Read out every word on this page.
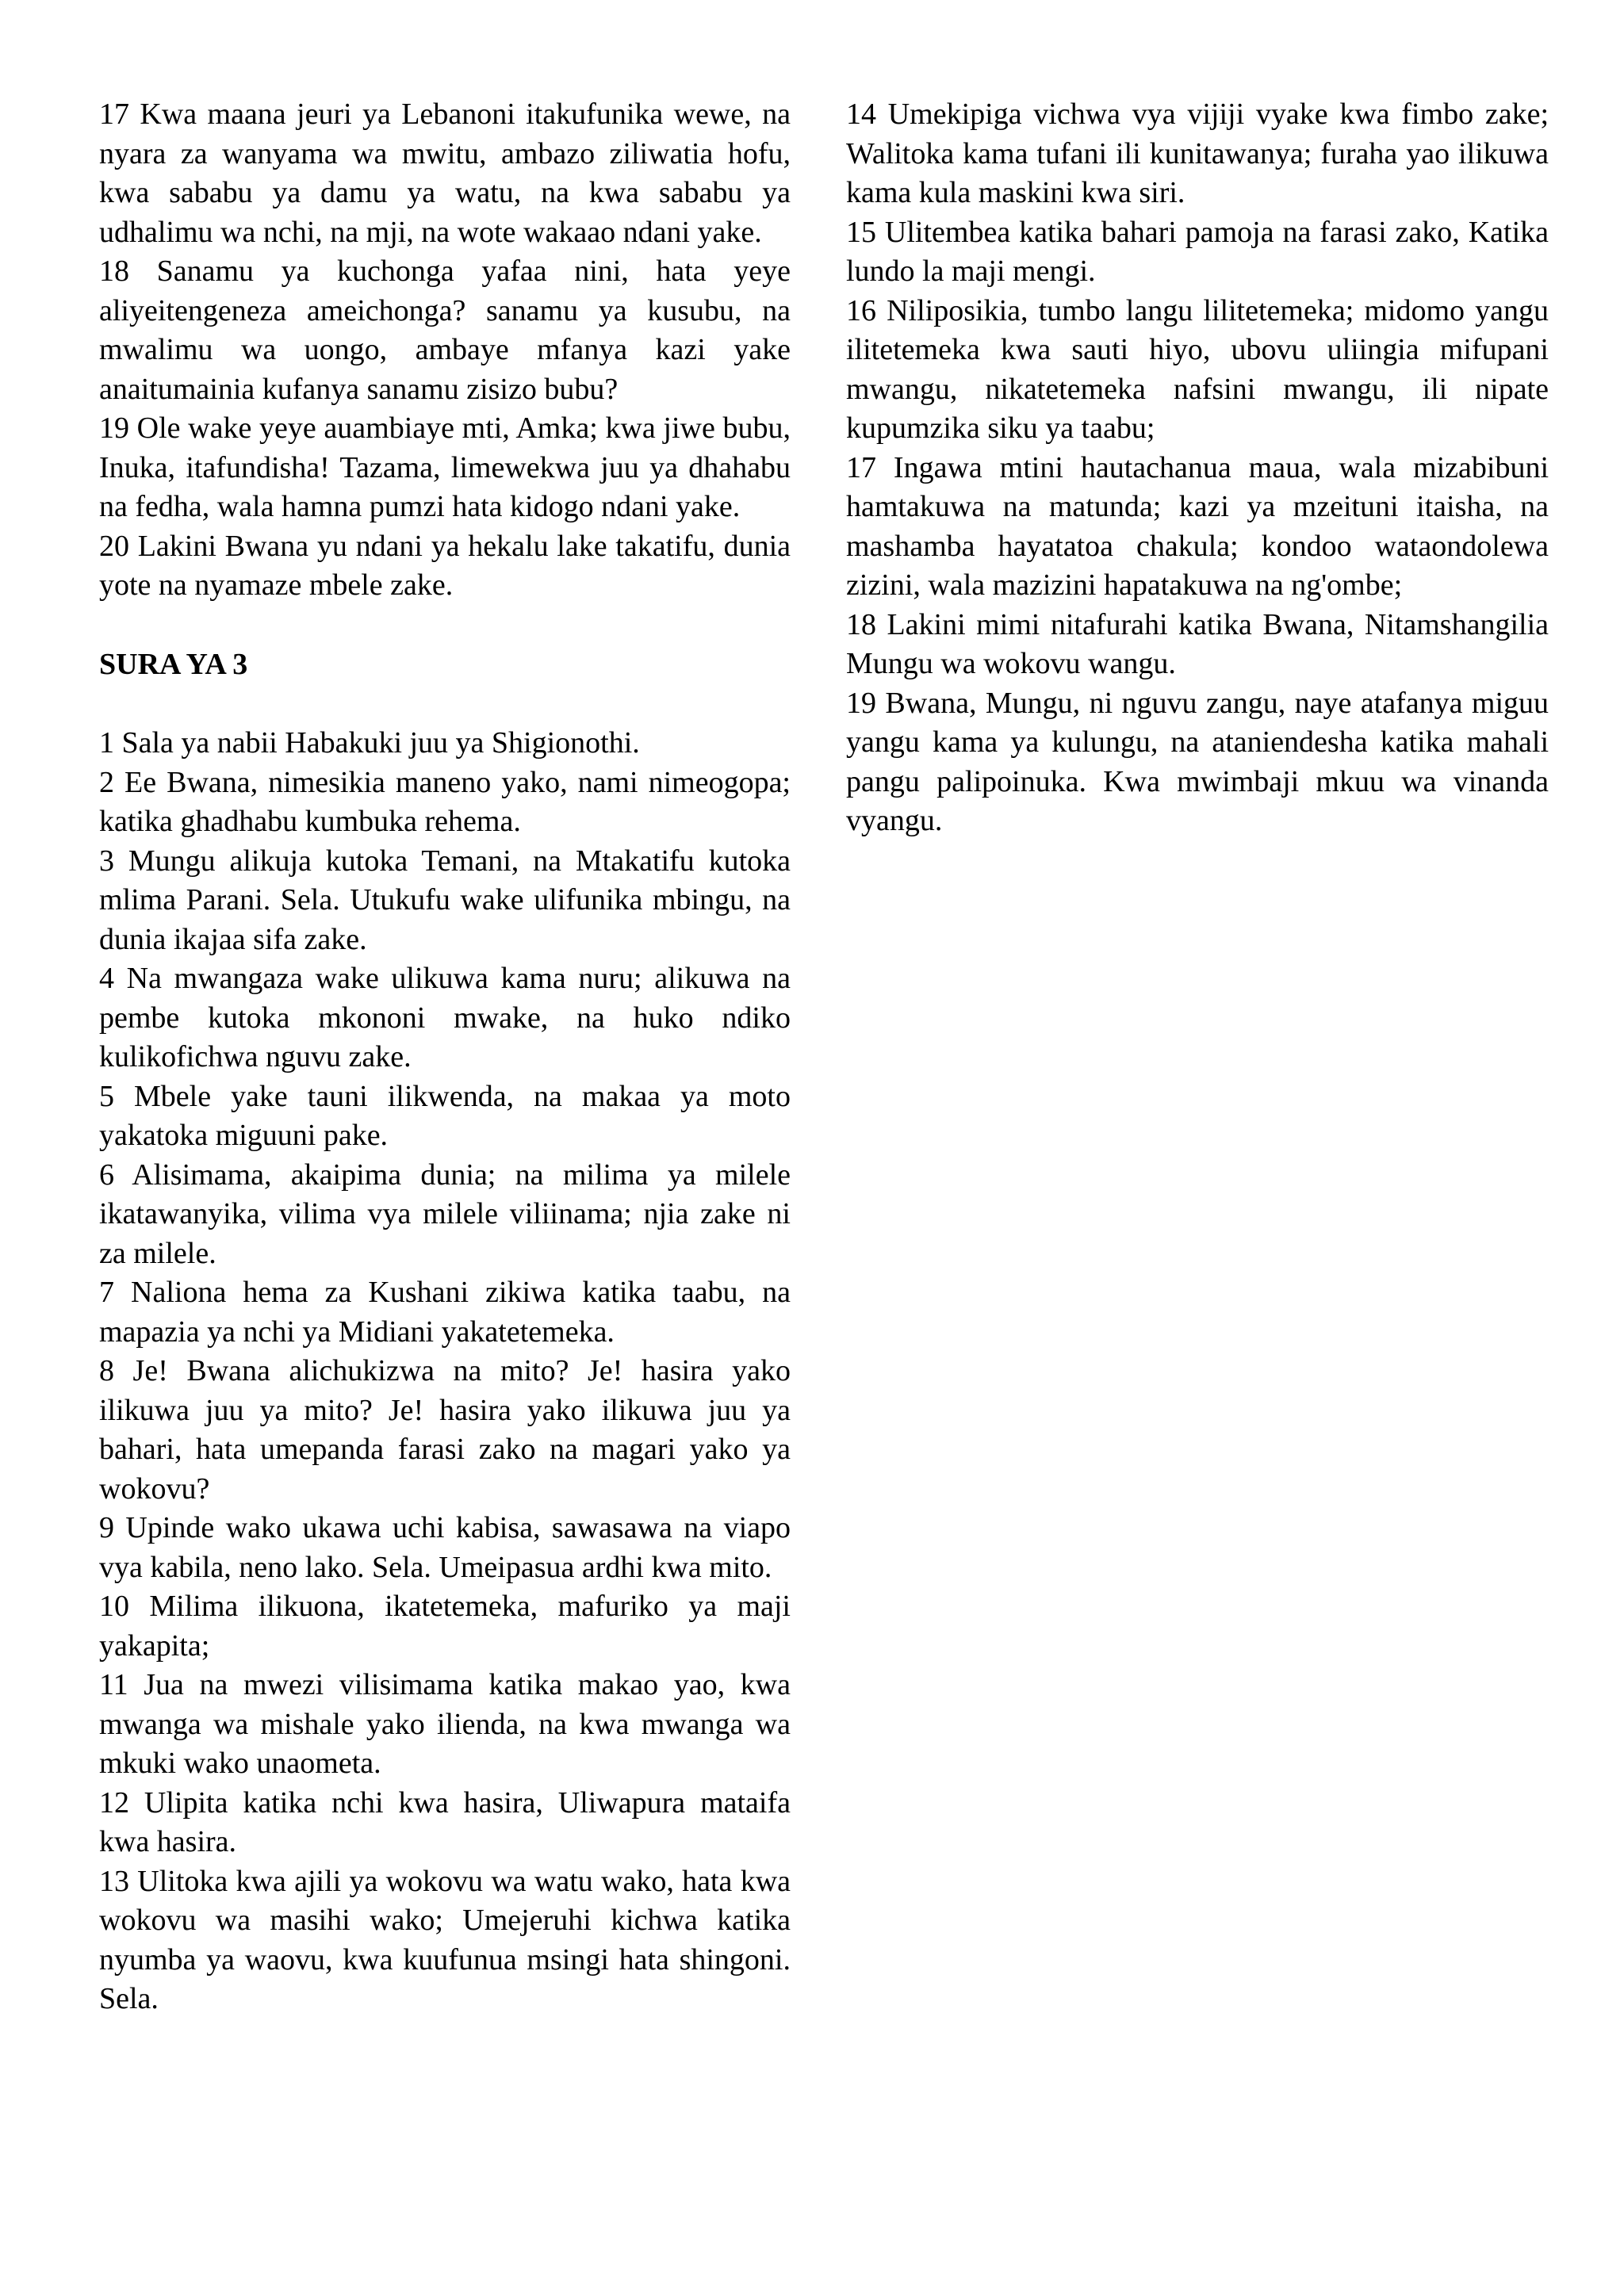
17 Kwa maana jeuri ya Lebanoni itakufunika wewe, na nyara za wanyama wa mwitu, ambazo ziliwatia hofu, kwa sababu ya damu ya watu, na kwa sababu ya udhalimu wa nchi, na mji, na wote wakaao ndani yake.

18 Sanamu ya kuchonga yafaa nini, hata yeye aliyeitengeneza ameichonga? sanamu ya kusubu, na mwalimu wa uongo, ambaye mfanya kazi yake anaitumainia kufanya sanamu zisizo bubu?

19 Ole wake yeye auambiaye mti, Amka; kwa jiwe bubu, Inuka, itafundisha! Tazama, limewekwa juu ya dhahabu na fedha, wala hamna pumzi hata kidogo ndani yake.

20 Lakini Bwana yu ndani ya hekalu lake takatifu, dunia yote na nyamaze mbele zake.

SURA YA 3

1 Sala ya nabii Habakuki juu ya Shigionothi.

2 Ee Bwana, nimesikia maneno yako, nami nimeogopa; katika ghadhabu kumbuka rehema.

3 Mungu alikuja kutoka Temani, na Mtakatifu kutoka mlima Parani. Sela. Utukufu wake ulifunika mbingu, na dunia ikajaa sifa zake.

4 Na mwangaza wake ulikuwa kama nuru; alikuwa na pembe kutoka mkononi mwake, na huko ndiko kulikofichwa nguvu zake.

5 Mbele yake tauni ilikwenda, na makaa ya moto yakatoka miguuni pake.

6 Alisimama, akaipima dunia; na milima ya milele ikatawanyika, vilima vya milele viliinama; njia zake ni za milele.

7 Naliona hema za Kushani zikiwa katika taabu, na mapazia ya nchi ya Midiani yakatetemeka.

8 Je! Bwana alichukizwa na mito? Je! hasira yako ilikuwa juu ya mito? Je! hasira yako ilikuwa juu ya bahari, hata umepanda farasi zako na magari yako ya wokovu?

9 Upinde wako ukawa uchi kabisa, sawasawa na viapo vya kabila, neno lako. Sela. Umeipasua ardhi kwa mito.

10 Milima ilikuona, ikatetemeka, mafuriko ya maji yakapita;

11 Jua na mwezi vilisimama katika makao yao, kwa mwanga wa mishale yako ilienda, na kwa mwanga wa mkuki wako unaometa.

12 Ulipita katika nchi kwa hasira, Uliwapura mataifa kwa hasira.

13 Ulitoka kwa ajili ya wokovu wa watu wako, hata kwa wokovu wa masihi wako; Umejeruhi kichwa katika nyumba ya waovu, kwa kuufunua msingi hata shingoni. Sela.

14 Umekipiga vichwa vya vijiji vyake kwa fimbo zake; Walitoka kama tufani ili kunitawanya; furaha yao ilikuwa kama kula maskini kwa siri.

15 Ulitembea katika bahari pamoja na farasi zako, Katika lundo la maji mengi.

16 Niliposikia, tumbo langu lilitetemeka; midomo yangu ilitetemeka kwa sauti hiyo, ubovu uliingia mifupani mwangu, nikatetemeka nafsini mwangu, ili nipate kupumzika siku ya taabu;

17 Ingawa mtini hautachanua maua, wala mizabibuni hamtakuwa na matunda; kazi ya mzeituni itaisha, na mashamba hayatatoa chakula; kondoo wataondolewa zizini, wala mazizini hapatakuwa na ng'ombe;

18 Lakini mimi nitafurahi katika Bwana, Nitamshangilia Mungu wa wokovu wangu.

19 Bwana, Mungu, ni nguvu zangu, naye atafanya miguu yangu kama ya kulungu, na ataniendesha katika mahali pangu palipoinuka. Kwa mwimbaji mkuu wa vinanda vyangu.
